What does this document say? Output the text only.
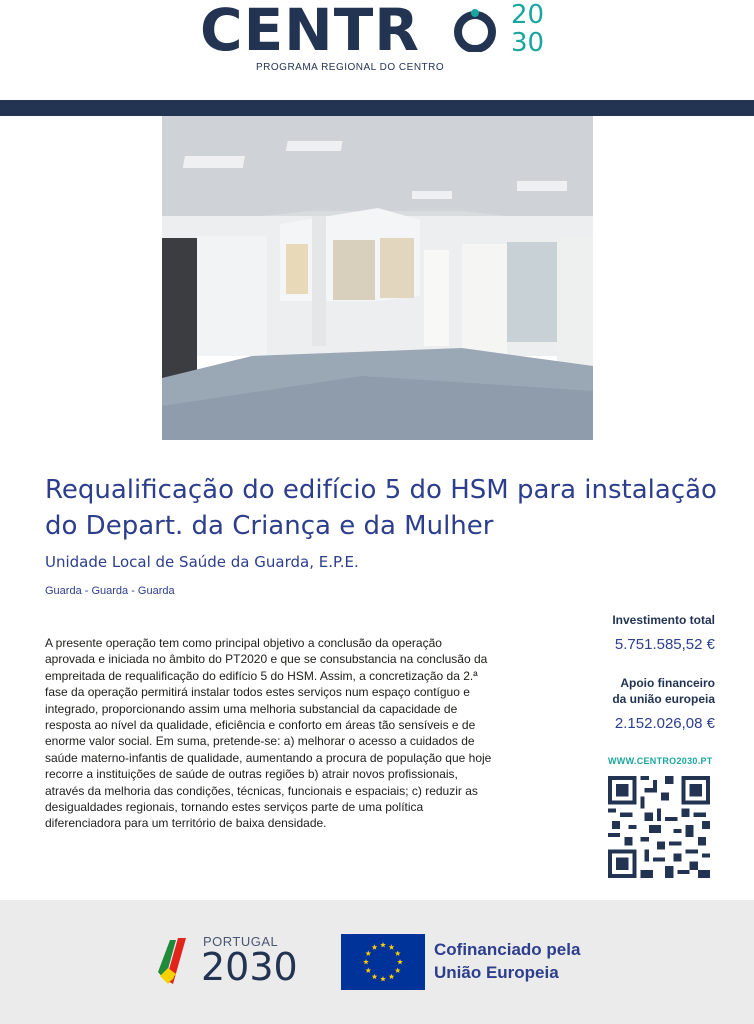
CENTR	20
30
PROGRAMA REGIONAL DO CENTRO
Requalificação do edifício 5 do HSM para instalação do Depart. da Criança e da Mulher
Unidade Local de Saúde da Guarda, E.P.E.
Guarda - Guarda - Guarda
A presente operação tem como principal objetivo a conclusão da operação aprovada e iniciada no âmbito do PT2020 e que se consubstancia na conclusão da empreitada de requalificação do edifício 5 do HSM. Assim, a concretização da 2.ª fase da operação permitirá instalar todos estes serviços num espaço contíguo e integrado, proporcionando assim uma melhoria substancial da capacidade de resposta ao nível da qualidade, eficiência e conforto em áreas tão sensíveis e de enorme valor social. Em suma, pretende-se: a) melhorar o acesso a cuidados de saúde materno-infantis de qualidade, aumentando a procura de população que hoje recorre a instituições de saúde de outras regiões b) atrair novos profissionais, através da melhoria das condições, técnicas, funcionais e espaciais; c) reduzir as desigualdades regionais, tornando estes serviços parte de uma política diferenciadora para um território de baixa densidade.
Investimento total
5.751.585,52 €
Apoio financeiro
da união europeia
2.152.026,08 €
WWW.CENTRO2030.PT
PORTUGAL
2030	Cofinanciado pela
União Europeia
